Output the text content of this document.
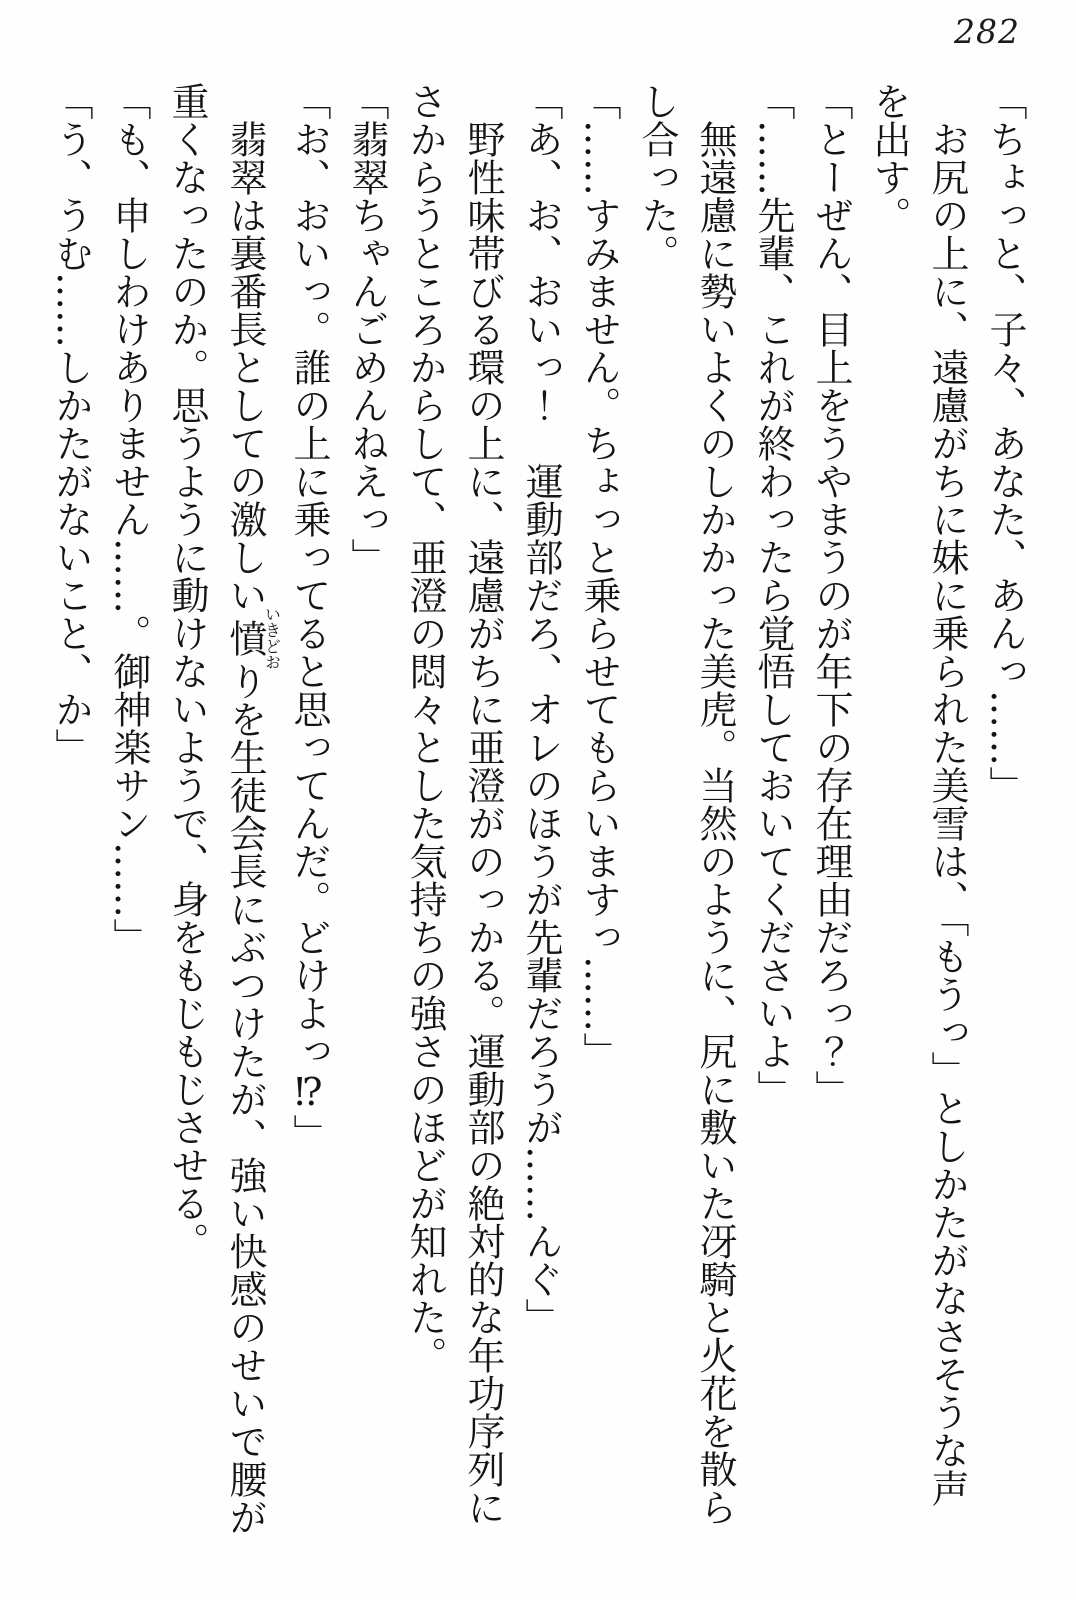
282

「ちょっと、子々、あなた、あんっ……」

お尻の上に、遠慮がちに妹に乗られた美雪は、「もうっ」としかたがなさそうな声

を出す。

「とーぜん、目上をうやまうのが年下の存在理由だろっ？」

「……先輩、これが終わったら覚悟しておいてくださいよ」

無遠慮に勢いよくのしかかった美虎。当然のように、尻に敷いた冴騎と火花を散ら

し合った。

「……すみません。ちょっと乗らせてもらいますっ……」

「あ、お、おいっ！　運動部だろ、オレのほうが先輩だろうが……んぐ」

野性味帯びる環の上に、遠慮がちに亜澄がのっかる。運動部の絶対的な年功序列に

さからうところからして、亜澄の悶々とした気持ちの強さのほどが知れた。

「翡翠ちゃんごめんねえっ」

「お、おいっ。誰の上に乗ってると思ってんだ。どけよっ⁉」

翡翠は裏番長としての激しい憤いきどおりを生徒会長にぶつけたが、強い快感のせいで腰が

重くなったのか。思うように動けないようで、身をもじもじさせる。

「も、申しわけありません……。御神楽サン……」

「う、うむ……しかたがないこと、か」
